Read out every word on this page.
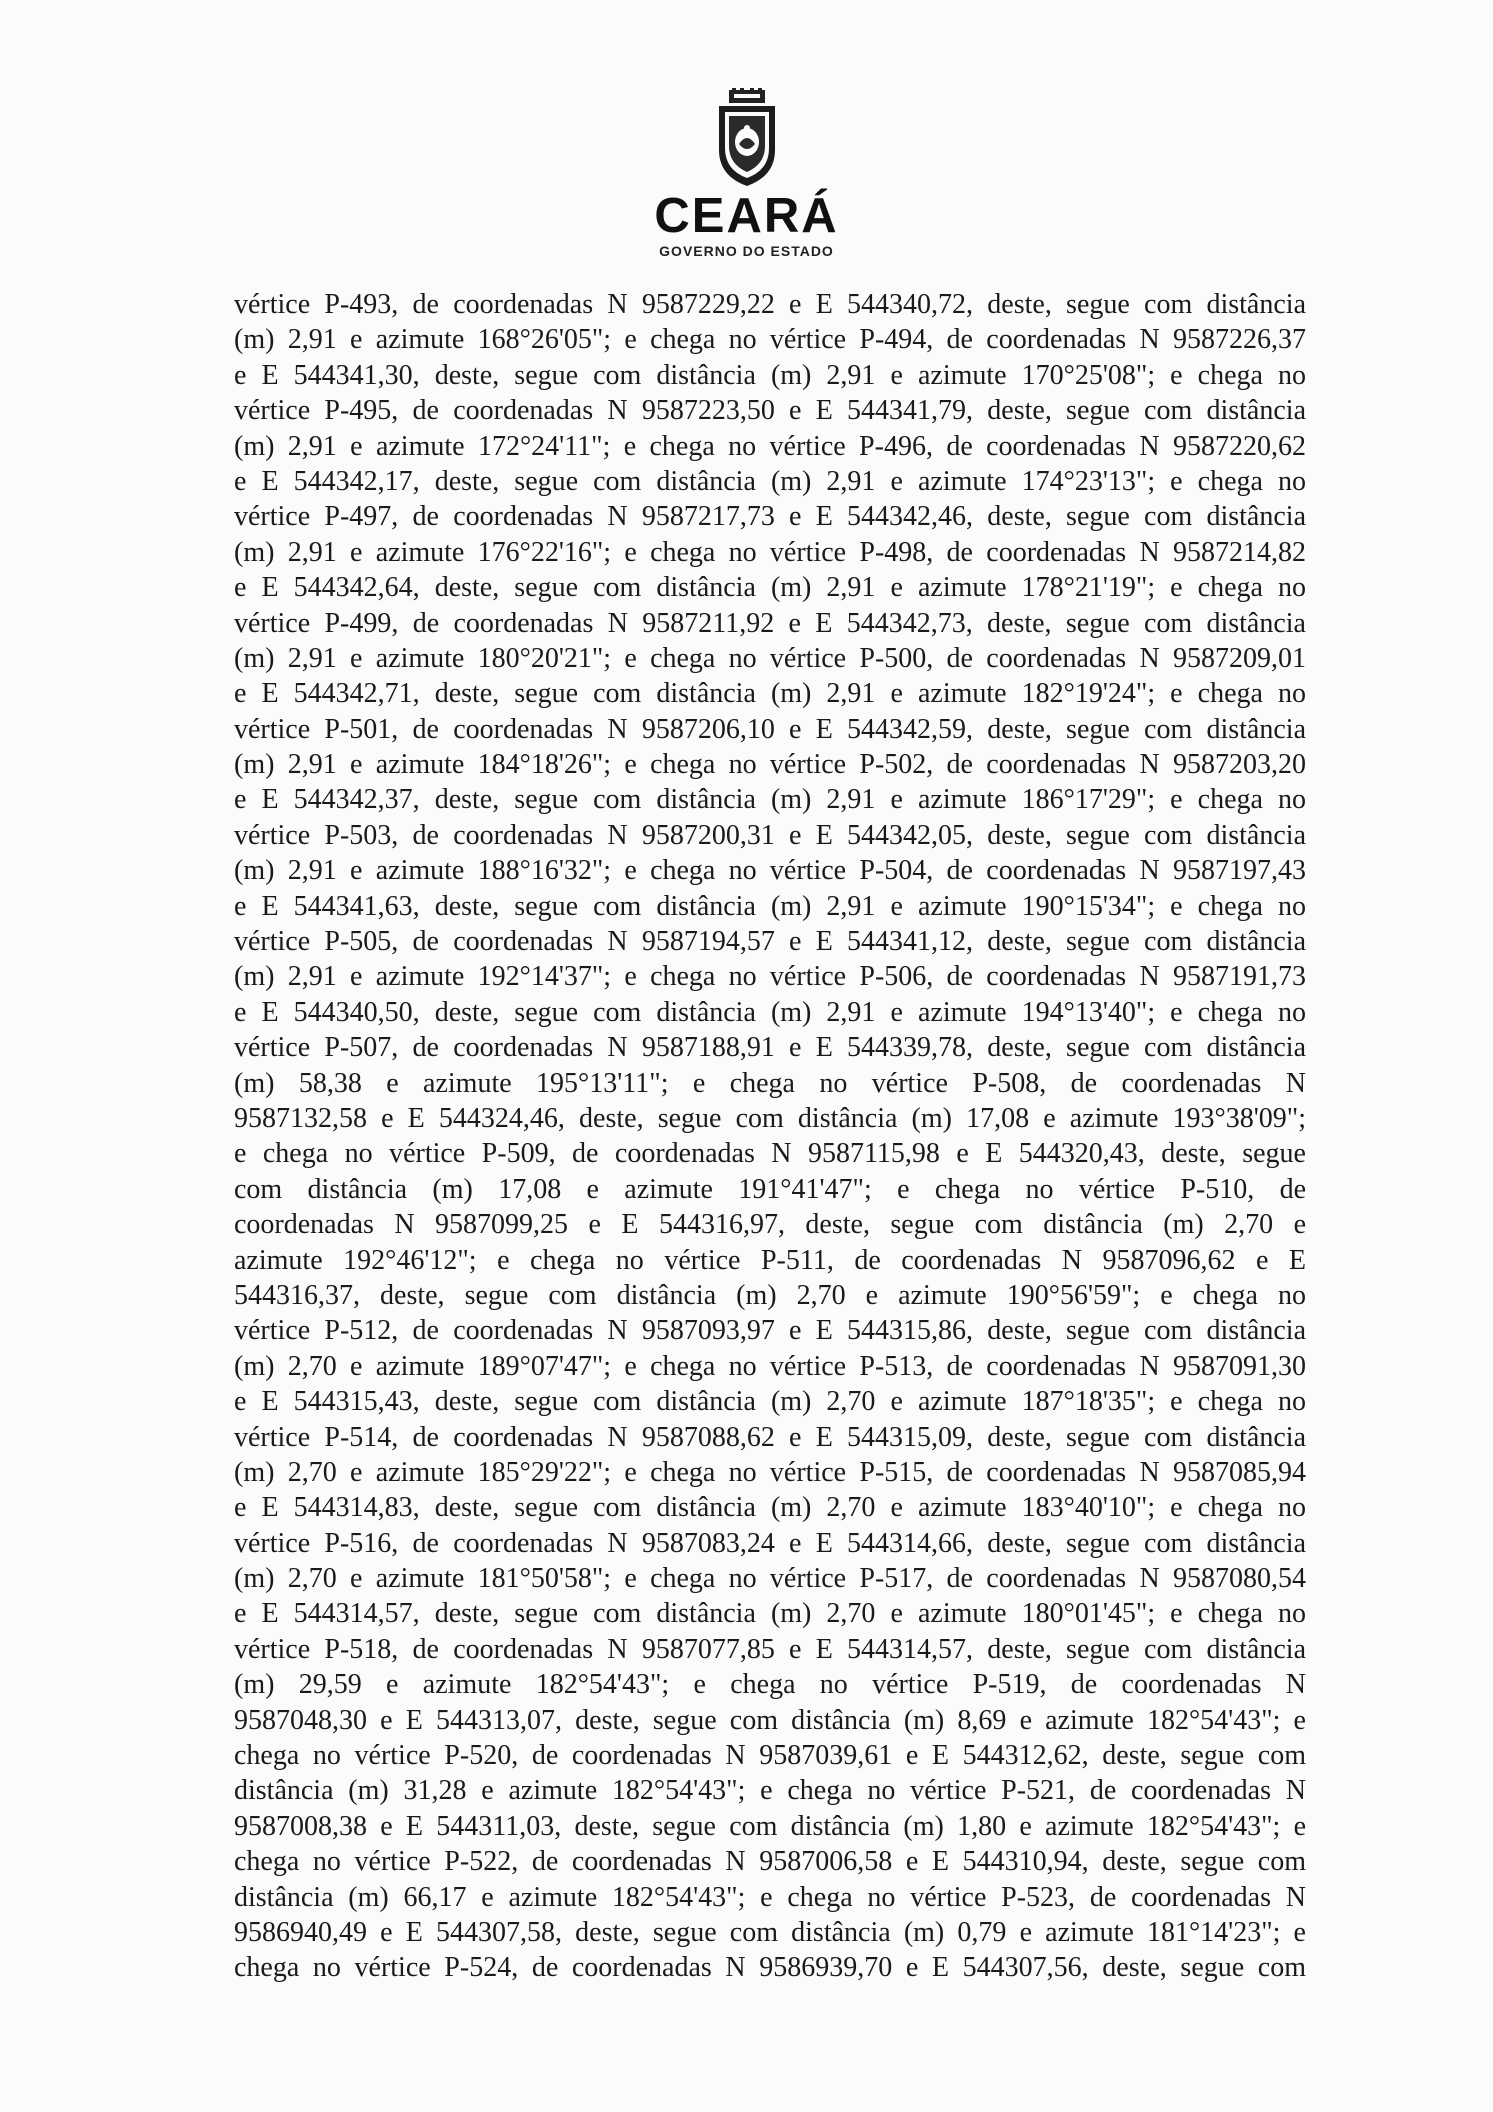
CEARÁ
GOVERNO DO ESTADO
vértice P-493, de coordenadas N 9587229,22 e E 544340,72, deste, segue com distância
(m) 2,91 e azimute 168°26'05"; e chega no vértice P-494, de coordenadas N 9587226,37
e E 544341,30, deste, segue com distância (m) 2,91 e azimute 170°25'08"; e chega no
vértice P-495, de coordenadas N 9587223,50 e E 544341,79, deste, segue com distância
(m) 2,91 e azimute 172°24'11"; e chega no vértice P-496, de coordenadas N 9587220,62
e E 544342,17, deste, segue com distância (m) 2,91 e azimute 174°23'13"; e chega no
vértice P-497, de coordenadas N 9587217,73 e E 544342,46, deste, segue com distância
(m) 2,91 e azimute 176°22'16"; e chega no vértice P-498, de coordenadas N 9587214,82
e E 544342,64, deste, segue com distância (m) 2,91 e azimute 178°21'19"; e chega no
vértice P-499, de coordenadas N 9587211,92 e E 544342,73, deste, segue com distância
(m) 2,91 e azimute 180°20'21"; e chega no vértice P-500, de coordenadas N 9587209,01
e E 544342,71, deste, segue com distância (m) 2,91 e azimute 182°19'24"; e chega no
vértice P-501, de coordenadas N 9587206,10 e E 544342,59, deste, segue com distância
(m) 2,91 e azimute 184°18'26"; e chega no vértice P-502, de coordenadas N 9587203,20
e E 544342,37, deste, segue com distância (m) 2,91 e azimute 186°17'29"; e chega no
vértice P-503, de coordenadas N 9587200,31 e E 544342,05, deste, segue com distância
(m) 2,91 e azimute 188°16'32"; e chega no vértice P-504, de coordenadas N 9587197,43
e E 544341,63, deste, segue com distância (m) 2,91 e azimute 190°15'34"; e chega no
vértice P-505, de coordenadas N 9587194,57 e E 544341,12, deste, segue com distância
(m) 2,91 e azimute 192°14'37"; e chega no vértice P-506, de coordenadas N 9587191,73
e E 544340,50, deste, segue com distância (m) 2,91 e azimute 194°13'40"; e chega no
vértice P-507, de coordenadas N 9587188,91 e E 544339,78, deste, segue com distância
(m) 58,38 e azimute 195°13'11"; e chega no vértice P-508, de coordenadas N
9587132,58 e E 544324,46, deste, segue com distância (m) 17,08 e azimute 193°38'09";
e chega no vértice P-509, de coordenadas N 9587115,98 e E 544320,43, deste, segue
com distância (m) 17,08 e azimute 191°41'47"; e chega no vértice P-510, de
coordenadas N 9587099,25 e E 544316,97, deste, segue com distância (m) 2,70 e
azimute 192°46'12"; e chega no vértice P-511, de coordenadas N 9587096,62 e E
544316,37, deste, segue com distância (m) 2,70 e azimute 190°56'59"; e chega no
vértice P-512, de coordenadas N 9587093,97 e E 544315,86, deste, segue com distância
(m) 2,70 e azimute 189°07'47"; e chega no vértice P-513, de coordenadas N 9587091,30
e E 544315,43, deste, segue com distância (m) 2,70 e azimute 187°18'35"; e chega no
vértice P-514, de coordenadas N 9587088,62 e E 544315,09, deste, segue com distância
(m) 2,70 e azimute 185°29'22"; e chega no vértice P-515, de coordenadas N 9587085,94
e E 544314,83, deste, segue com distância (m) 2,70 e azimute 183°40'10"; e chega no
vértice P-516, de coordenadas N 9587083,24 e E 544314,66, deste, segue com distância
(m) 2,70 e azimute 181°50'58"; e chega no vértice P-517, de coordenadas N 9587080,54
e E 544314,57, deste, segue com distância (m) 2,70 e azimute 180°01'45"; e chega no
vértice P-518, de coordenadas N 9587077,85 e E 544314,57, deste, segue com distância
(m) 29,59 e azimute 182°54'43"; e chega no vértice P-519, de coordenadas N
9587048,30 e E 544313,07, deste, segue com distância (m) 8,69 e azimute 182°54'43"; e
chega no vértice P-520, de coordenadas N 9587039,61 e E 544312,62, deste, segue com
distância (m) 31,28 e azimute 182°54'43"; e chega no vértice P-521, de coordenadas N
9587008,38 e E 544311,03, deste, segue com distância (m) 1,80 e azimute 182°54'43"; e
chega no vértice P-522, de coordenadas N 9587006,58 e E 544310,94, deste, segue com
distância (m) 66,17 e azimute 182°54'43"; e chega no vértice P-523, de coordenadas N
9586940,49 e E 544307,58, deste, segue com distância (m) 0,79 e azimute 181°14'23"; e
chega no vértice P-524, de coordenadas N 9586939,70 e E 544307,56, deste, segue com
